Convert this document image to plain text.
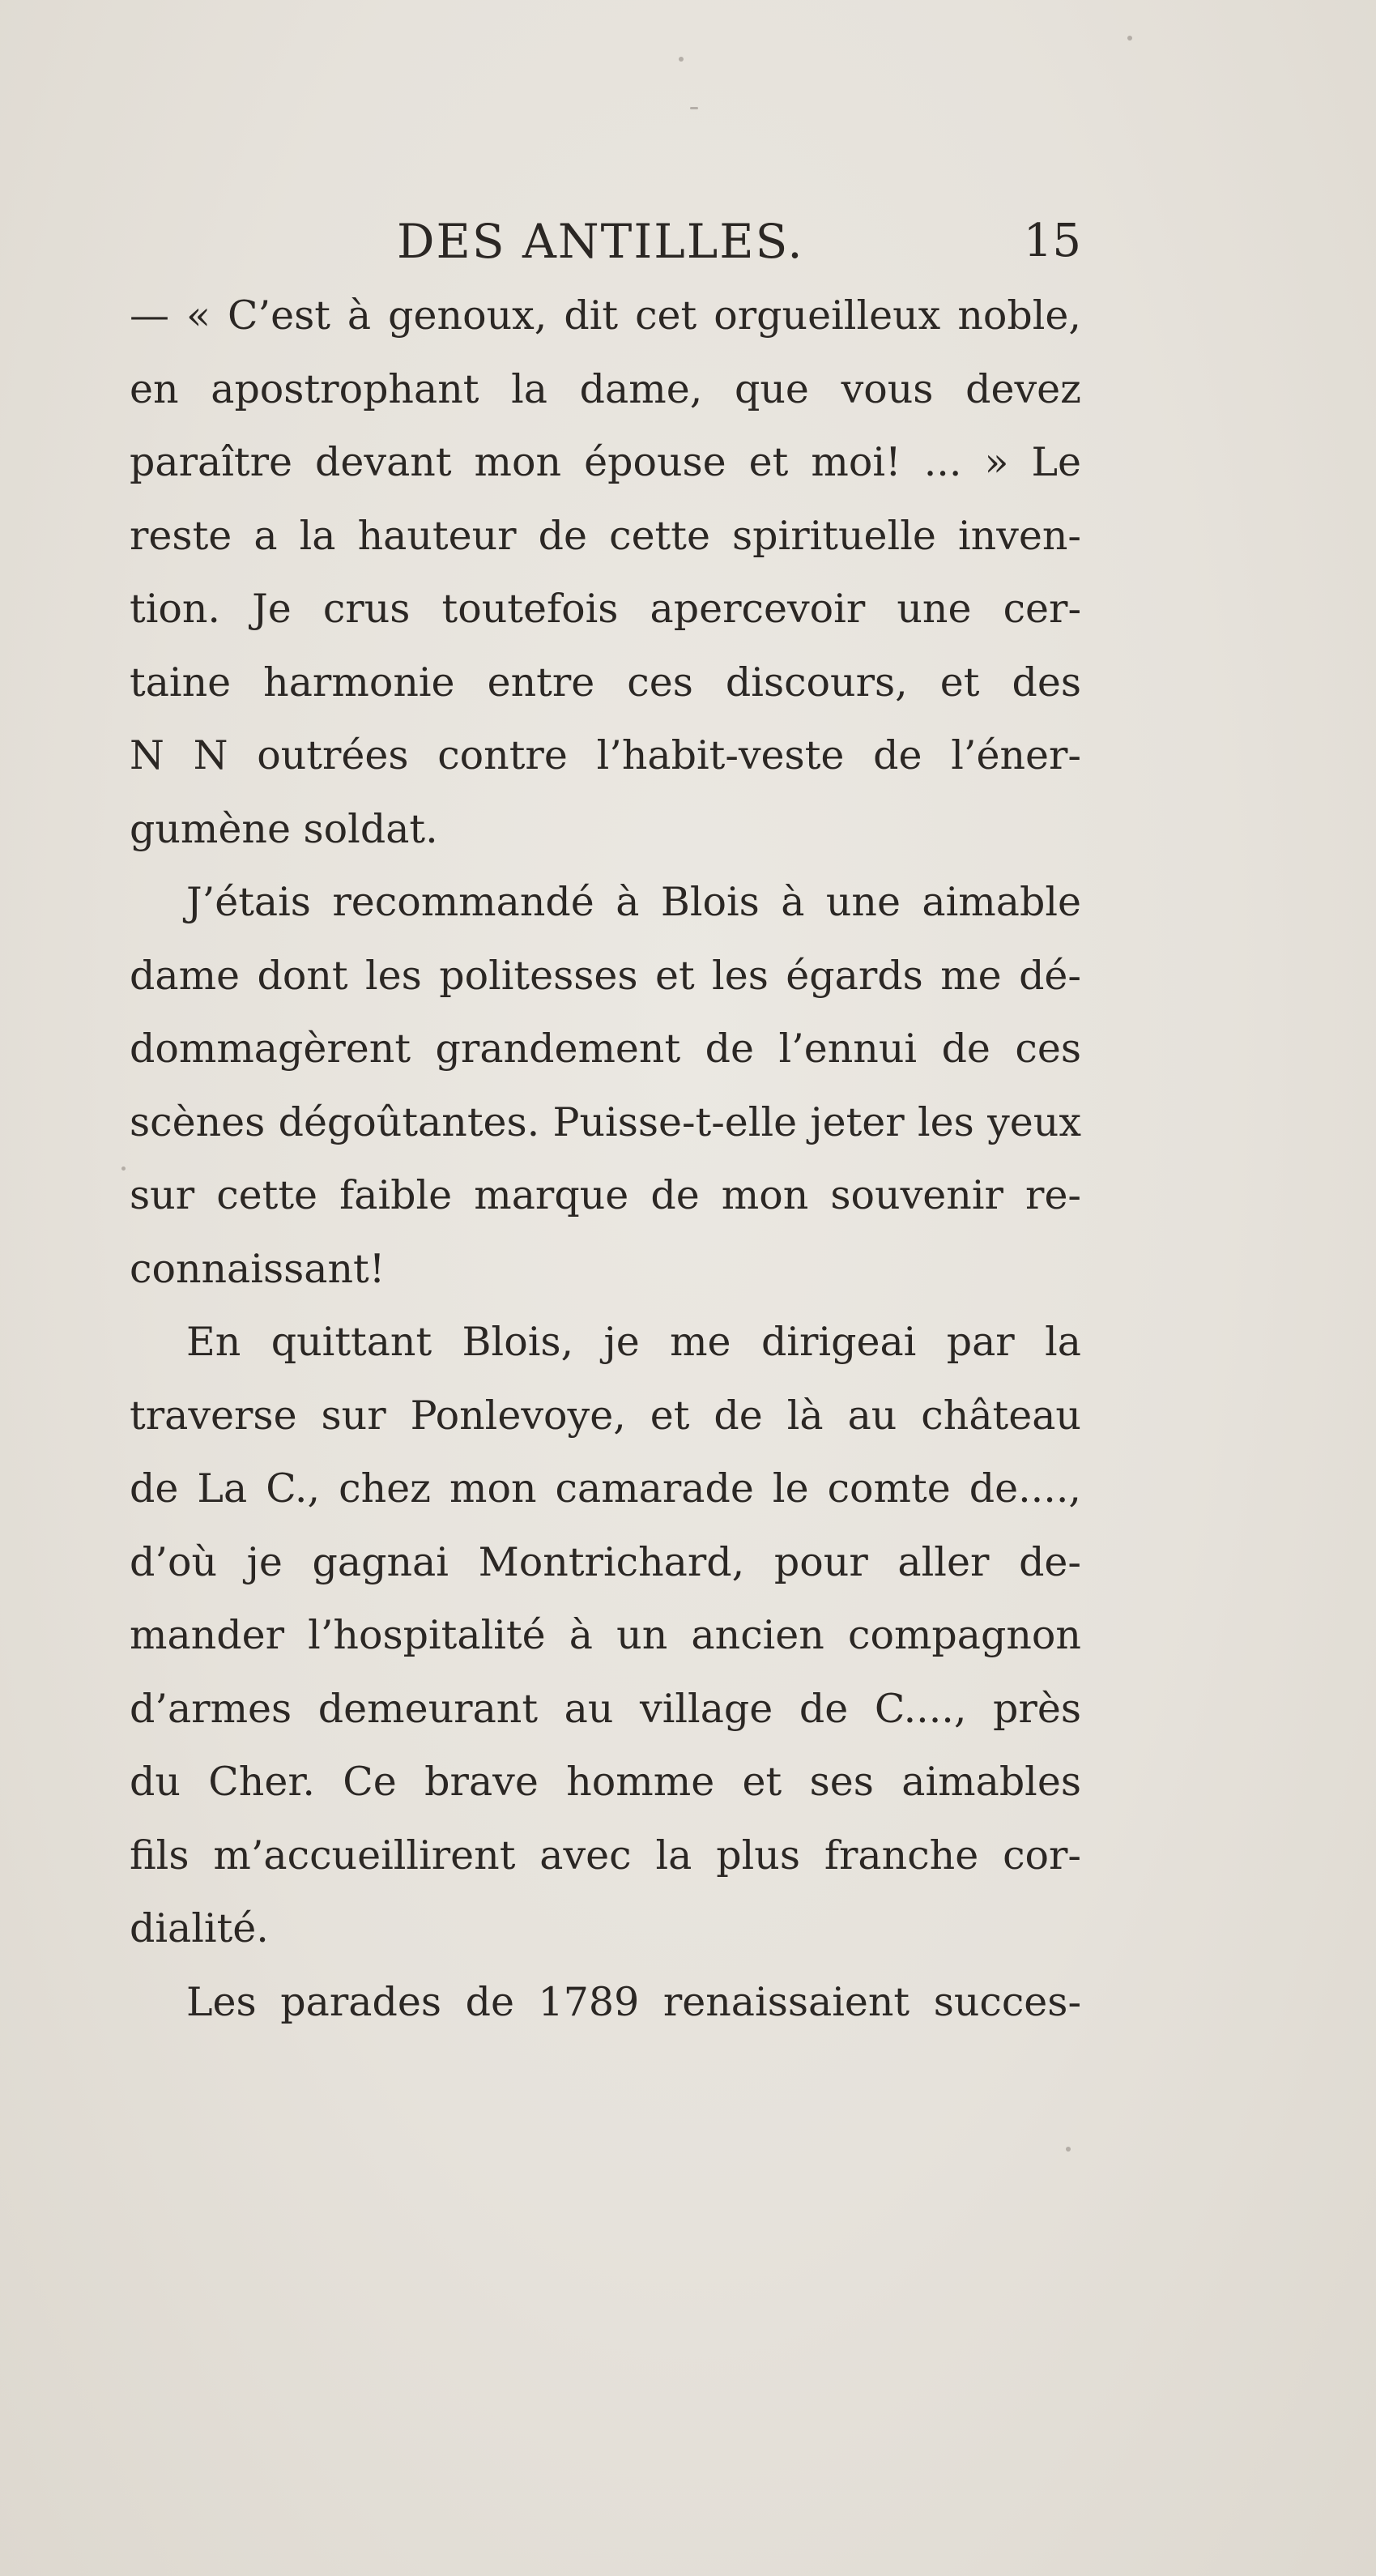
DES ANTILLES.	15
— « C’est à genoux, dit cet orgueilleux noble,
en apostrophant la dame, que vous devez
paraître devant mon épouse et moi! ... » Le
reste a la hauteur de cette spirituelle inven-
tion. Je crus toutefois apercevoir une cer-
taine harmonie entre ces discours, et des
N N outrées contre l’habit-veste de l’éner-
gumène soldat.
J’étais recommandé à Blois à une aimable
dame dont les politesses et les égards me dé-
dommagèrent grandement de l’ennui de ces
scènes dégoûtantes. Puisse-t-elle jeter les yeux
sur cette faible marque de mon souvenir re-
connaissant!
En quittant Blois, je me dirigeai par la
traverse sur Ponlevoye, et de là au château
de La C., chez mon camarade le comte de....,
d’où je gagnai Montrichard, pour aller de-
mander l’hospitalité à un ancien compagnon
d’armes demeurant au village de C...., près
du Cher. Ce brave homme et ses aimables
fils m’accueillirent avec la plus franche cor-
dialité.
Les parades de 1789 renaissaient succes-
